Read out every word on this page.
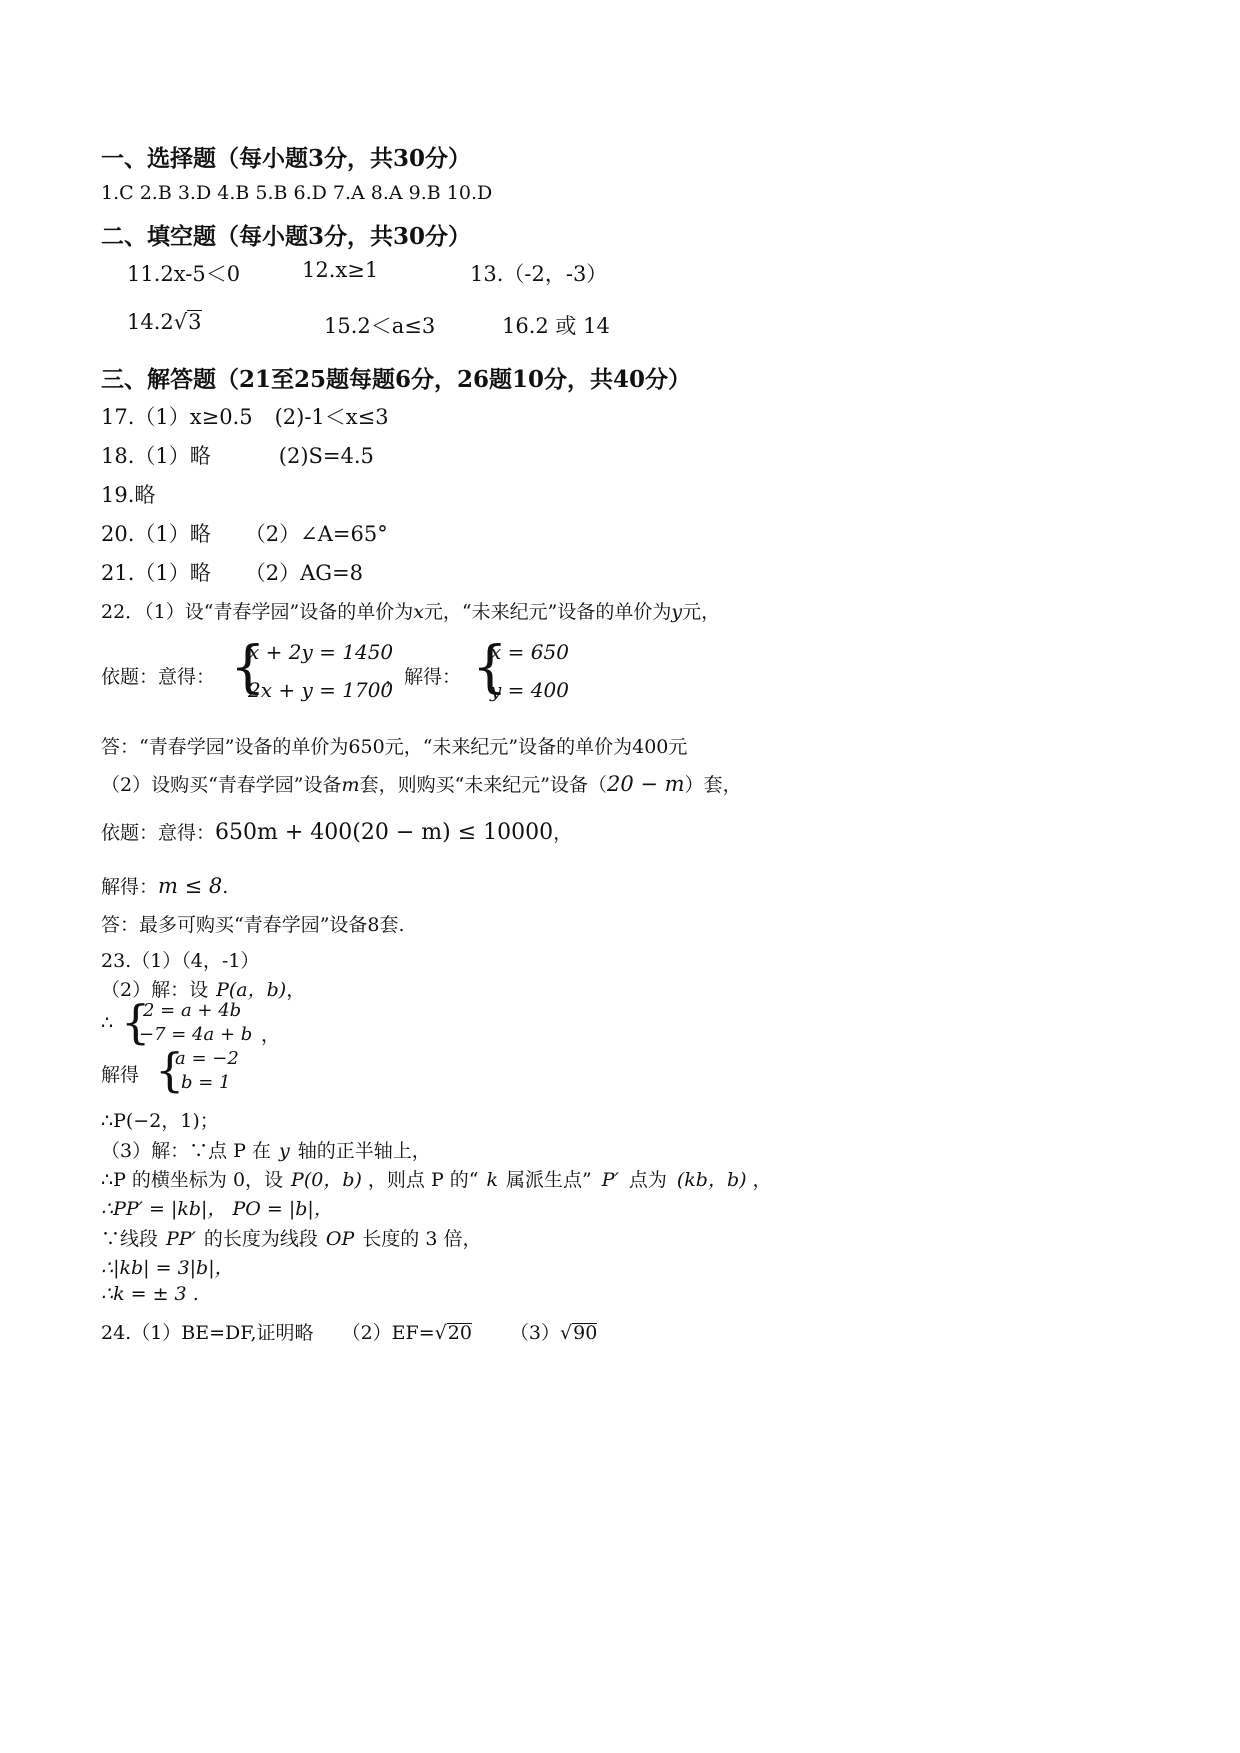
一、选择题（每小题3分，共30分）
1.C 2.B 3.D 4.B 5.B 6.D 7.A 8.A 9.B 10.D
二、填空题（每小题3分，共30分）
11.2x-5＜0	12.x≥1	13.（-2，-3）
14.2√3	15.2＜a≤3	16.2 或 14
三、解答题（21至25题每题6分，26题10分，共40分）
17.（1）x≥0.5 (2)-1＜x≤3
18.（1）略	(2)S=4.5
19.略
20.（1）略 （2）∠A=65°
21.（1）略 （2）AG=8
22．（1）设“青春学园”设备的单价为x元，“未来纪元”设备的单价为y元，
依题：意得： {
x + 2y = 1450
2x + y = 1700
，解得： {
x = 650
y = 400
答：“青春学园”设备的单价为650元，“未来纪元”设备的单价为400元
（2）设购买“青春学园”设备m套，则购买“未来纪元”设备（20 − m）套，
依题：意得：650m + 400(20 − m) ≤ 10000，
解得：m ≤ 8.
答：最多可购买“青春学园”设备8套.
23.（1）（4，-1）
（2）解：设 P(a，b)，
∴ {
2 = a + 4b
−7 = 4a + b ，
解得 {
a = −2
b = 1
∴P(−2，1)；
（3）解：∵点 P 在 y 轴的正半轴上，
∴P 的横坐标为 0，设 P(0，b) ，则点 P 的“ k 属派生点” P′ 点为 (kb，b) ，
∴PP′ = |kb|， PO = |b|，
∵线段 PP′ 的长度为线段 OP 长度的 3 倍，
∴|kb| = 3|b|，
∴k = ± 3 .
24.（1）BE=DF,证明略 （2）EF=√20 （3）√90
